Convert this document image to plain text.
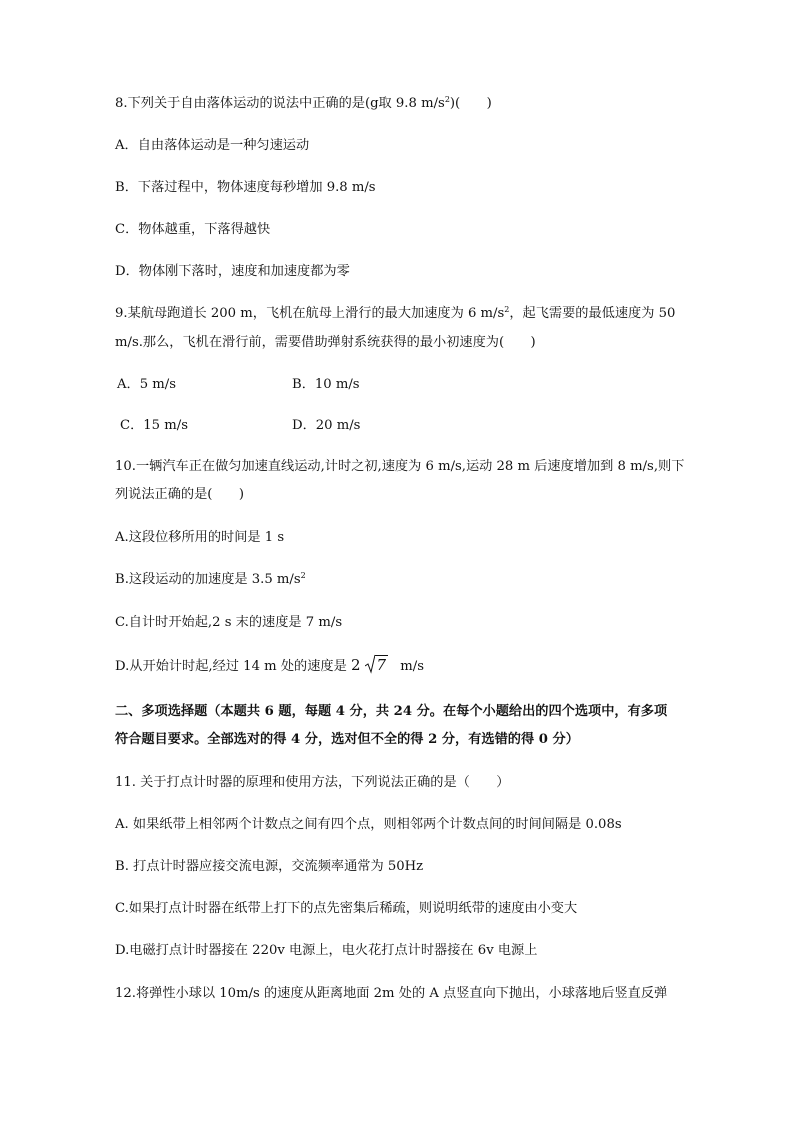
8.下列关于自由落体运动的说法中正确的是(g取 9.8 $m/s^2$)(　　)
A．自由落体运动是一种匀速运动
B．下落过程中，物体速度每秒增加 9.8 m/s
C．物体越重，下落得越快
D．物体刚下落时，速度和加速度都为零
9.某航母跑道长 200 m，飞机在航母上滑行的最大加速度为 6 $m/s^2$，起飞需要的最低速度为 50
m/s.那么，飞机在滑行前，需要借助弹射系统获得的最小初速度为(　　)
A．5 m/s	B．10 m/s
C．15 m/s	D．20 m/s
10.一辆汽车正在做匀加速直线运动,计时之初,速度为 6 m/s,运动 28 m 后速度增加到 8 m/s,则下
列说法正确的是(　　)
A.这段位移所用的时间是 1 s
B.这段运动的加速度是 3.5 $m/s^2$
C.自计时开始起,2 s 末的速度是 7 m/s
D.从开始计时起,经过 14 m 处的速度是 2 7 m/s
二、多项选择题（本题共 6 题，每题 4 分，共 24 分。在每个小题给出的四个选项中，有多项
符合题目要求。全部选对的得 4 分，选对但不全的得 2 分，有选错的得 0 分）
11. 关于打点计时器的原理和使用方法，下列说法正确的是（　　）
A. 如果纸带上相邻两个计数点之间有四个点，则相邻两个计数点间的时间间隔是 0.08s
B. 打点计时器应接交流电源，交流频率通常为 50Hz
C.如果打点计时器在纸带上打下的点先密集后稀疏，则说明纸带的速度由小变大
D.电磁打点计时器接在 220v 电源上，电火花打点计时器接在 6v 电源上
12.将弹性小球以 10m/s 的速度从距离地面 2m 处的 A 点竖直向下抛出，小球落地后竖直反弹
